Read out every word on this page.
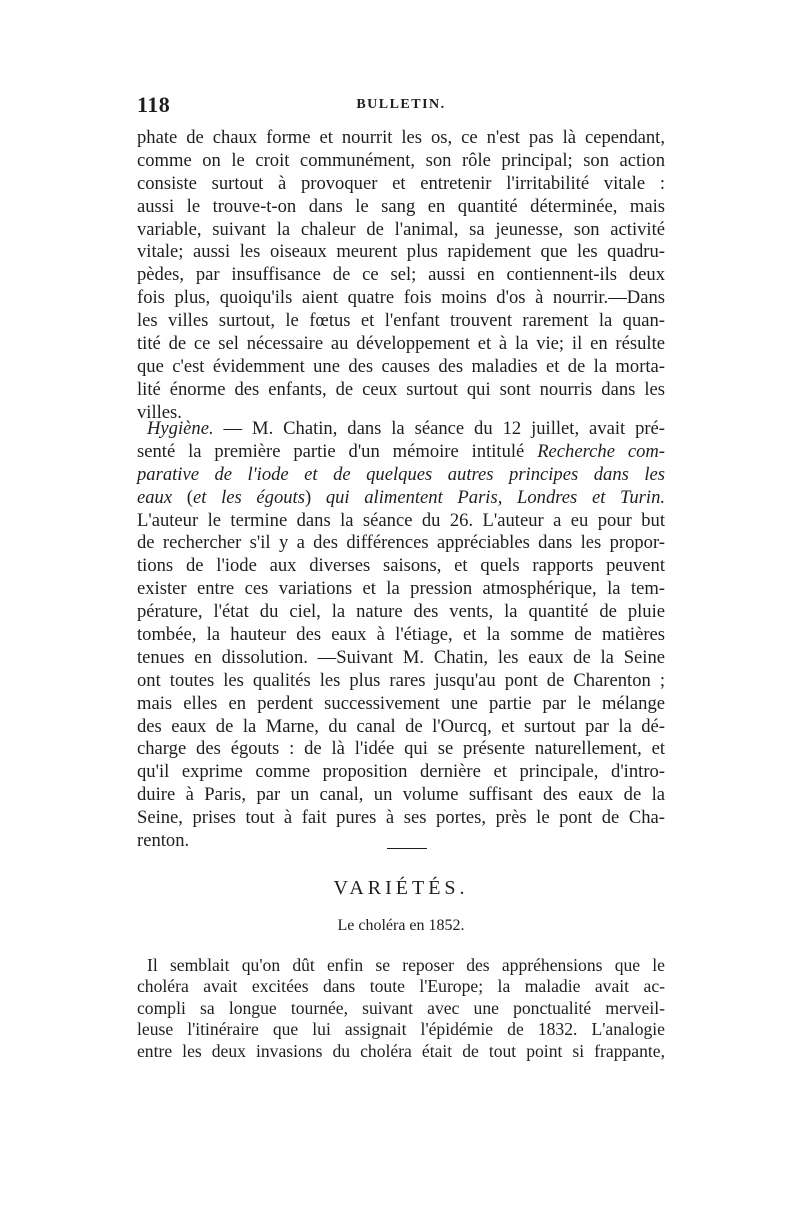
118	BULLETIN.
phate de chaux forme et nourrit les os, ce n'est pas là cependant,
comme on le croit communément, son rôle principal; son action
consiste surtout à provoquer et entretenir l'irritabilité vitale :
aussi le trouve-t-on dans le sang en quantité déterminée, mais
variable, suivant la chaleur de l'animal, sa jeunesse, son activité
vitale; aussi les oiseaux meurent plus rapidement que les quadru-
pèdes, par insuffisance de ce sel; aussi en contiennent-ils deux
fois plus, quoiqu'ils aient quatre fois moins d'os à nourrir.—Dans
les villes surtout, le fœtus et l'enfant trouvent rarement la quan-
tité de ce sel nécessaire au développement et à la vie; il en résulte
que c'est évidemment une des causes des maladies et de la morta-
lité énorme des enfants, de ceux surtout qui sont nourris dans les
villes.
Hygiène. — M. Chatin, dans la séance du 12 juillet, avait pré-
senté la première partie d'un mémoire intitulé Recherche com-
parative de l'iode et de quelques autres principes dans les
eaux (et les égouts) qui alimentent Paris, Londres et Turin.
L'auteur le termine dans la séance du 26. L'auteur a eu pour but
de rechercher s'il y a des différences appréciables dans les propor-
tions de l'iode aux diverses saisons, et quels rapports peuvent
exister entre ces variations et la pression atmosphérique, la tem-
pérature, l'état du ciel, la nature des vents, la quantité de pluie
tombée, la hauteur des eaux à l'étiage, et la somme de matières
tenues en dissolution. —Suivant M. Chatin, les eaux de la Seine
ont toutes les qualités les plus rares jusqu'au pont de Charenton ;
mais elles en perdent successivement une partie par le mélange
des eaux de la Marne, du canal de l'Ourcq, et surtout par la dé-
charge des égouts : de là l'idée qui se présente naturellement, et
qu'il exprime comme proposition dernière et principale, d'intro-
duire à Paris, par un canal, un volume suffisant des eaux de la
Seine, prises tout à fait pures à ses portes, près le pont de Cha-
renton.
VARIÉTÉS.
Le choléra en 1852.
Il semblait qu'on dût enfin se reposer des appréhensions que le
choléra avait excitées dans toute l'Europe; la maladie avait ac-
compli sa longue tournée, suivant avec une ponctualité merveil-
leuse l'itinéraire que lui assignait l'épidémie de 1832. L'analogie
entre les deux invasions du choléra était de tout point si frappante,
